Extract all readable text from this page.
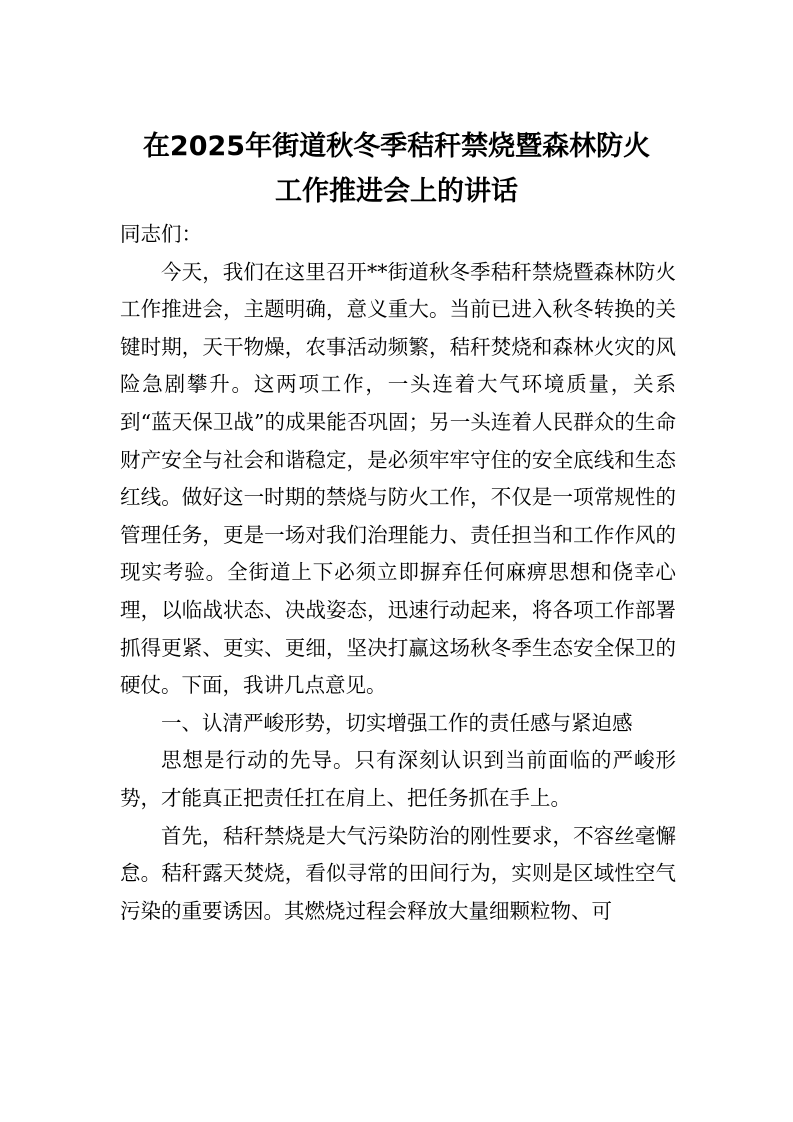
在2025年街道秋冬季秸秆禁烧暨森林防火
工作推进会上的讲话

同志们：

今天，我们在这里召开**街道秋冬季秸秆禁烧暨森林防火工作推进会，主题明确，意义重大。当前已进入秋冬转换的关键时期，天干物燥，农事活动频繁，秸秆焚烧和森林火灾的风险急剧攀升。这两项工作，一头连着大气环境质量，关系到“蓝天保卫战”的成果能否巩固；另一头连着人民群众的生命财产安全与社会和谐稳定，是必须牢牢守住的安全底线和生态红线。做好这一时期的禁烧与防火工作，不仅是一项常规性的管理任务，更是一场对我们治理能力、责任担当和工作作风的现实考验。全街道上下必须立即摒弃任何麻痹思想和侥幸心理，以临战状态、决战姿态，迅速行动起来，将各项工作部署抓得更紧、更实、更细，坚决打赢这场秋冬季生态安全保卫的硬仗。下面，我讲几点意见。

一、认清严峻形势，切实增强工作的责任感与紧迫感

思想是行动的先导。只有深刻认识到当前面临的严峻形势，才能真正把责任扛在肩上、把任务抓在手上。

首先，秸秆禁烧是大气污染防治的刚性要求，不容丝毫懈怠。秸秆露天焚烧，看似寻常的田间行为，实则是区域性空气污染的重要诱因。其燃烧过程会释放大量细颗粒物、可
